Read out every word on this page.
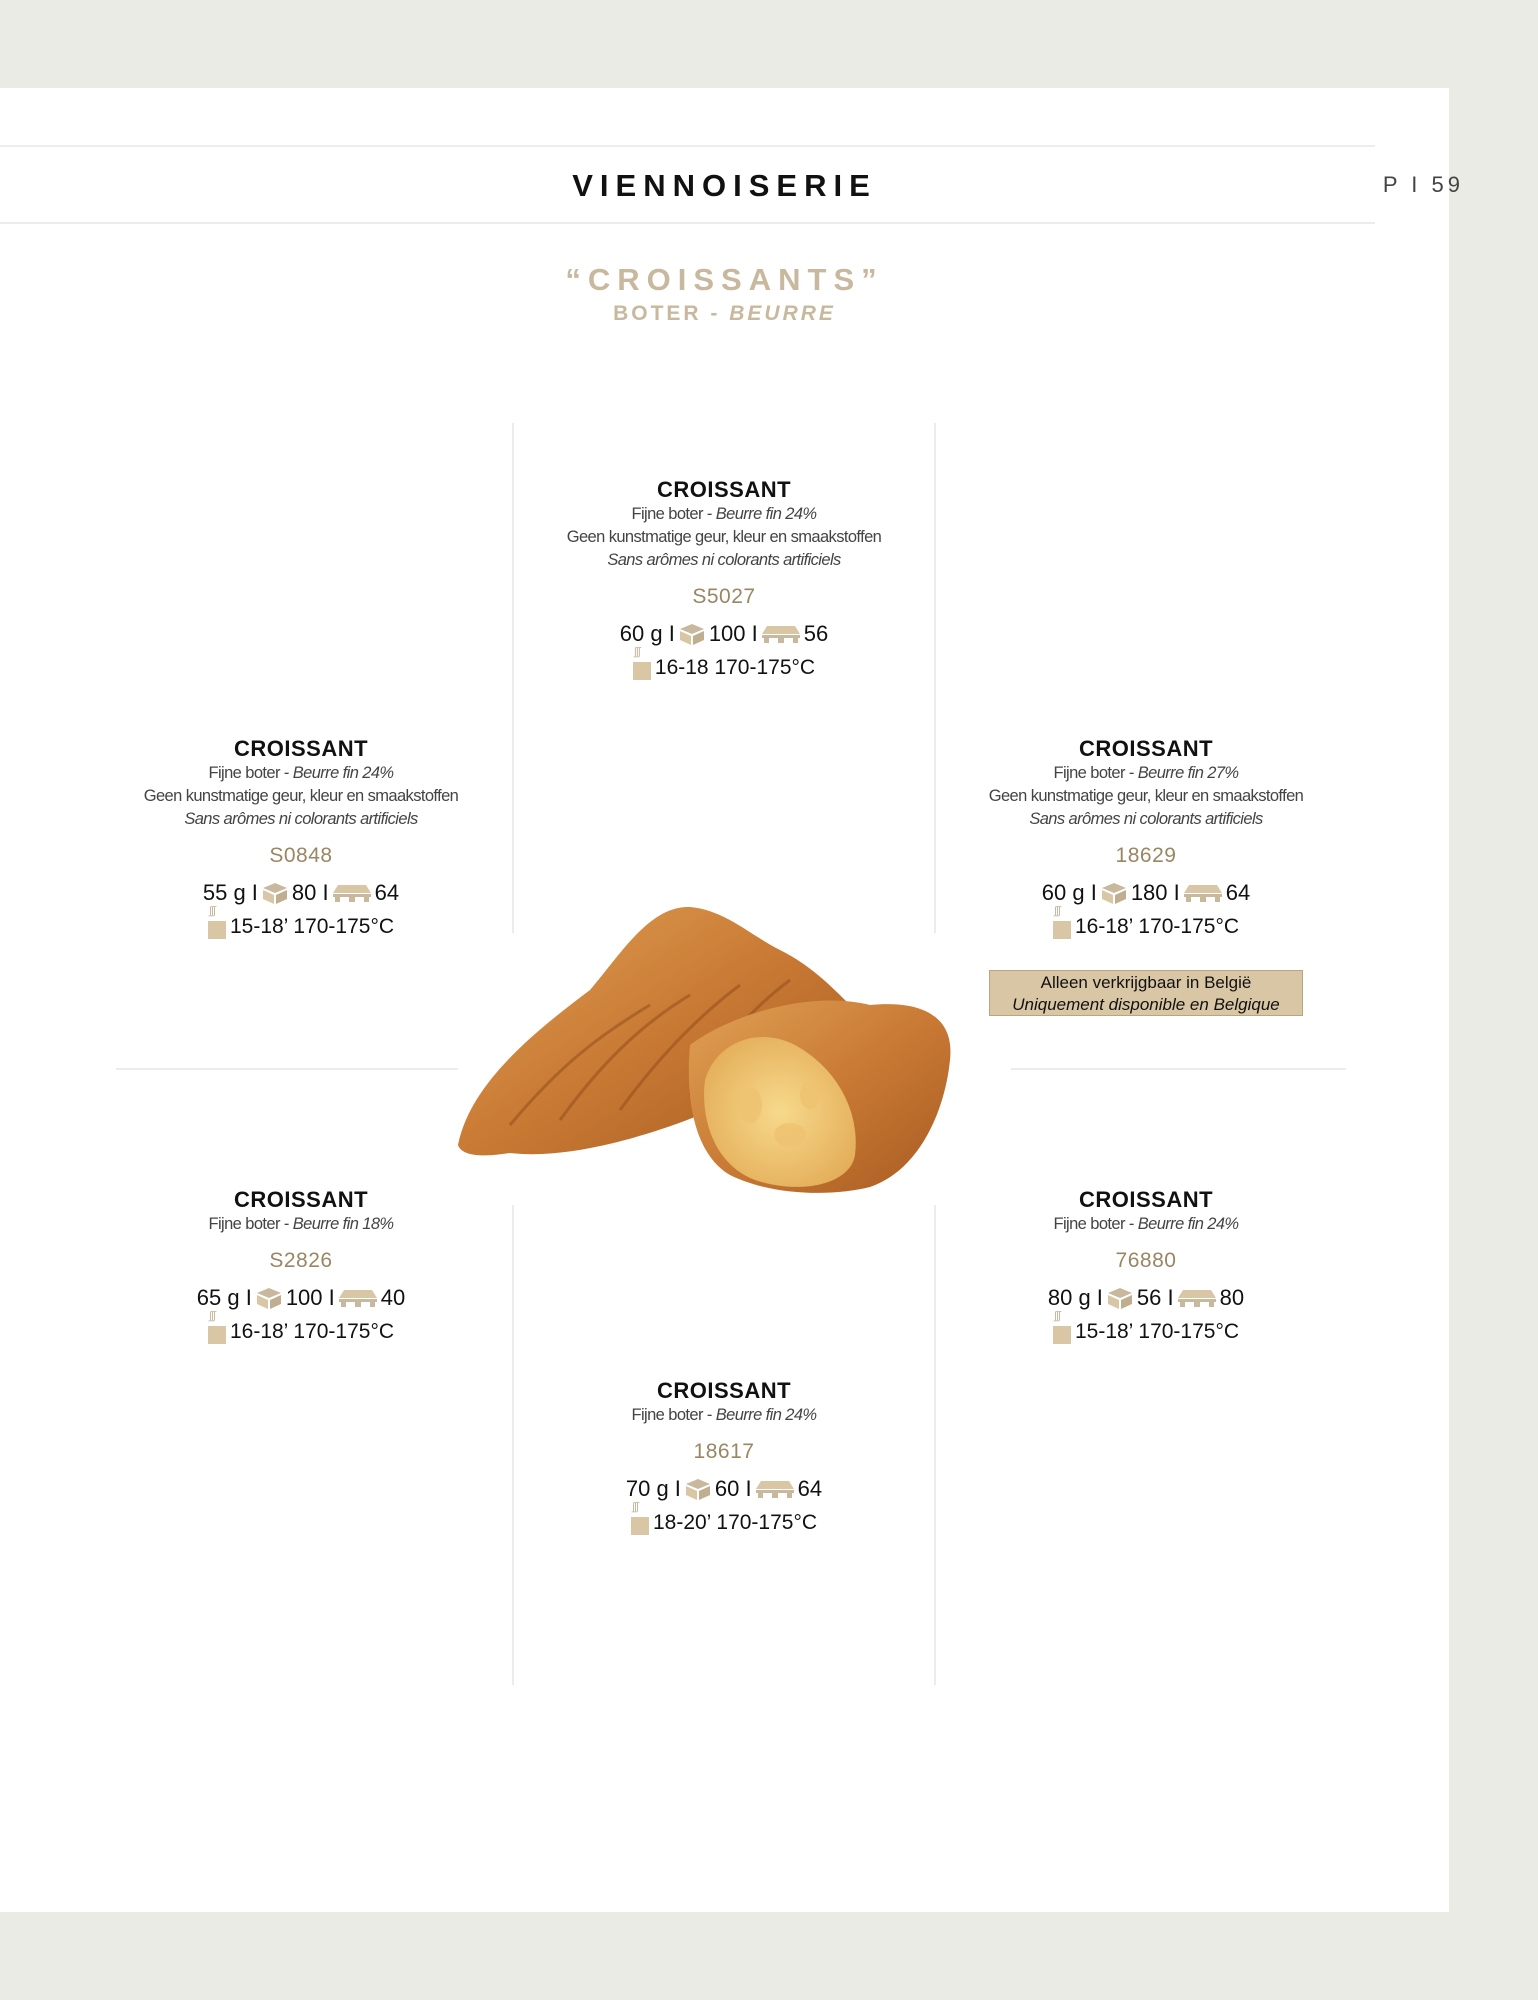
VIENNOISERIE	P I 59
“CROISSANTS”
BOTER - BEURRE
CROISSANT
Fijne boter - Beurre fin 24%
Geen kunstmatige geur, kleur en smaakstoffen
Sans arômes ni colorants artificiels
S5027
60 g I 100 I 56
∫∫∫
16-18 170-175°C
CROISSANT
Fijne boter - Beurre fin 24%
Geen kunstmatige geur, kleur en smaakstoffen
Sans arômes ni colorants artificiels
S0848
55 g I 80 I 64
∫∫∫
15-18’ 170-175°C
CROISSANT
Fijne boter - Beurre fin 27%
Geen kunstmatige geur, kleur en smaakstoffen
Sans arômes ni colorants artificiels
18629
60 g I 180 I 64
∫∫∫
16-18’ 170-175°C
CROISSANT
Fijne boter - Beurre fin 18%
S2826
65 g I 100 I 40
∫∫∫
16-18’ 170-175°C
CROISSANT
Fijne boter - Beurre fin 24%
76880
80 g I 56 I 80
∫∫∫
15-18’ 170-175°C
CROISSANT
Fijne boter - Beurre fin 24%
18617
70 g I 60 I 64
∫∫∫
18-20’ 170-175°C
Alleen verkrijgbaar in België
Uniquement disponible en Belgique
